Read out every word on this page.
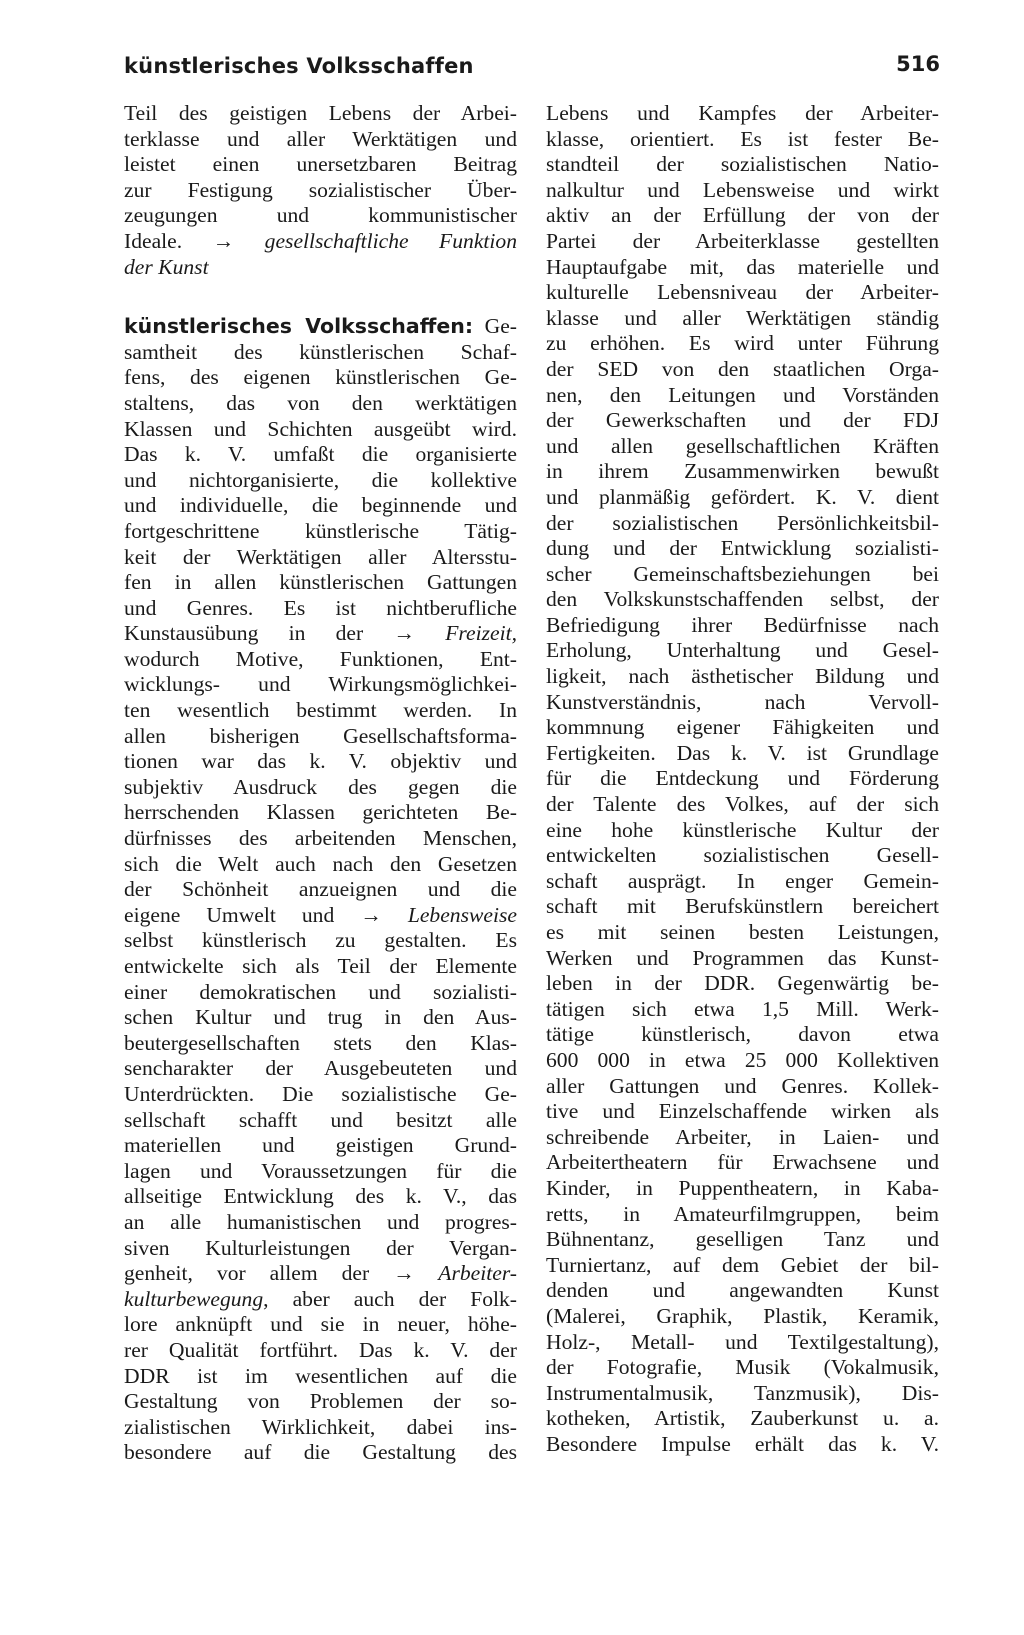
künstlerisches Volksschaffen	516
Teil des geistigen Lebens der Arbei-
terklasse und aller Werktätigen und
leistet einen unersetzbaren Beitrag
zur Festigung sozialistischer Über-
zeugungen und kommunistischer
Ideale. → gesellschaftliche Funktion
der Kunst
künstlerisches Volksschaffen: Ge-
samtheit des künstlerischen Schaf-
fens, des eigenen künstlerischen Ge-
staltens, das von den werktätigen
Klassen und Schichten ausgeübt wird.
Das k. V. umfaßt die organisierte
und nichtorganisierte, die kollektive
und individuelle, die beginnende und
fortgeschrittene künstlerische Tätig-
keit der Werktätigen aller Altersstu-
fen in allen künstlerischen Gattungen
und Genres. Es ist nichtberufliche
Kunstausübung in der → Freizeit,
wodurch Motive, Funktionen, Ent-
wicklungs- und Wirkungsmöglichkei-
ten wesentlich bestimmt werden. In
allen bisherigen Gesellschaftsforma-
tionen war das k. V. objektiv und
subjektiv Ausdruck des gegen die
herrschenden Klassen gerichteten Be-
dürfnisses des arbeitenden Menschen,
sich die Welt auch nach den Gesetzen
der Schönheit anzueignen und die
eigene Umwelt und → Lebensweise
selbst künstlerisch zu gestalten. Es
entwickelte sich als Teil der Elemente
einer demokratischen und sozialisti-
schen Kultur und trug in den Aus-
beutergesellschaften stets den Klas-
sencharakter der Ausgebeuteten und
Unterdrückten. Die sozialistische Ge-
sellschaft schafft und besitzt alle
materiellen und geistigen Grund-
lagen und Voraussetzungen für die
allseitige Entwicklung des k. V., das
an alle humanistischen und progres-
siven Kulturleistungen der Vergan-
genheit, vor allem der → Arbeiter-
kulturbewegung, aber auch der Folk-
lore anknüpft und sie in neuer, höhe-
rer Qualität fortführt. Das k. V. der
DDR ist im wesentlichen auf die
Gestaltung von Problemen der so-
zialistischen Wirklichkeit, dabei ins-
besondere auf die Gestaltung des
Lebens und Kampfes der Arbeiter-
klasse, orientiert. Es ist fester Be-
standteil der sozialistischen Natio-
nalkultur und Lebensweise und wirkt
aktiv an der Erfüllung der von der
Partei der Arbeiterklasse gestellten
Hauptaufgabe mit, das materielle und
kulturelle Lebensniveau der Arbeiter-
klasse und aller Werktätigen ständig
zu erhöhen. Es wird unter Führung
der SED von den staatlichen Orga-
nen, den Leitungen und Vorständen
der Gewerkschaften und der FDJ
und allen gesellschaftlichen Kräften
in ihrem Zusammenwirken bewußt
und planmäßig gefördert. K. V. dient
der sozialistischen Persönlichkeitsbil-
dung und der Entwicklung sozialisti-
scher Gemeinschaftsbeziehungen bei
den Volkskunstschaffenden selbst, der
Befriedigung ihrer Bedürfnisse nach
Erholung, Unterhaltung und Gesel-
ligkeit, nach ästhetischer Bildung und
Kunstverständnis, nach Vervoll-
kommnung eigener Fähigkeiten und
Fertigkeiten. Das k. V. ist Grundlage
für die Entdeckung und Förderung
der Talente des Volkes, auf der sich
eine hohe künstlerische Kultur der
entwickelten sozialistischen Gesell-
schaft ausprägt. In enger Gemein-
schaft mit Berufskünstlern bereichert
es mit seinen besten Leistungen,
Werken und Programmen das Kunst-
leben in der DDR. Gegenwärtig be-
tätigen sich etwa 1,5 Mill. Werk-
tätige künstlerisch, davon etwa
600 000 in etwa 25 000 Kollektiven
aller Gattungen und Genres. Kollek-
tive und Einzelschaffende wirken als
schreibende Arbeiter, in Laien- und
Arbeitertheatern für Erwachsene und
Kinder, in Puppentheatern, in Kaba-
retts, in Amateurfilmgruppen, beim
Bühnentanz, geselligen Tanz und
Turniertanz, auf dem Gebiet der bil-
denden und angewandten Kunst
(Malerei, Graphik, Plastik, Keramik,
Holz-, Metall- und Textilgestaltung),
der Fotografie, Musik (Vokalmusik,
Instrumentalmusik, Tanzmusik), Dis-
kotheken, Artistik, Zauberkunst u. a.
Besondere Impulse erhält das k. V.
